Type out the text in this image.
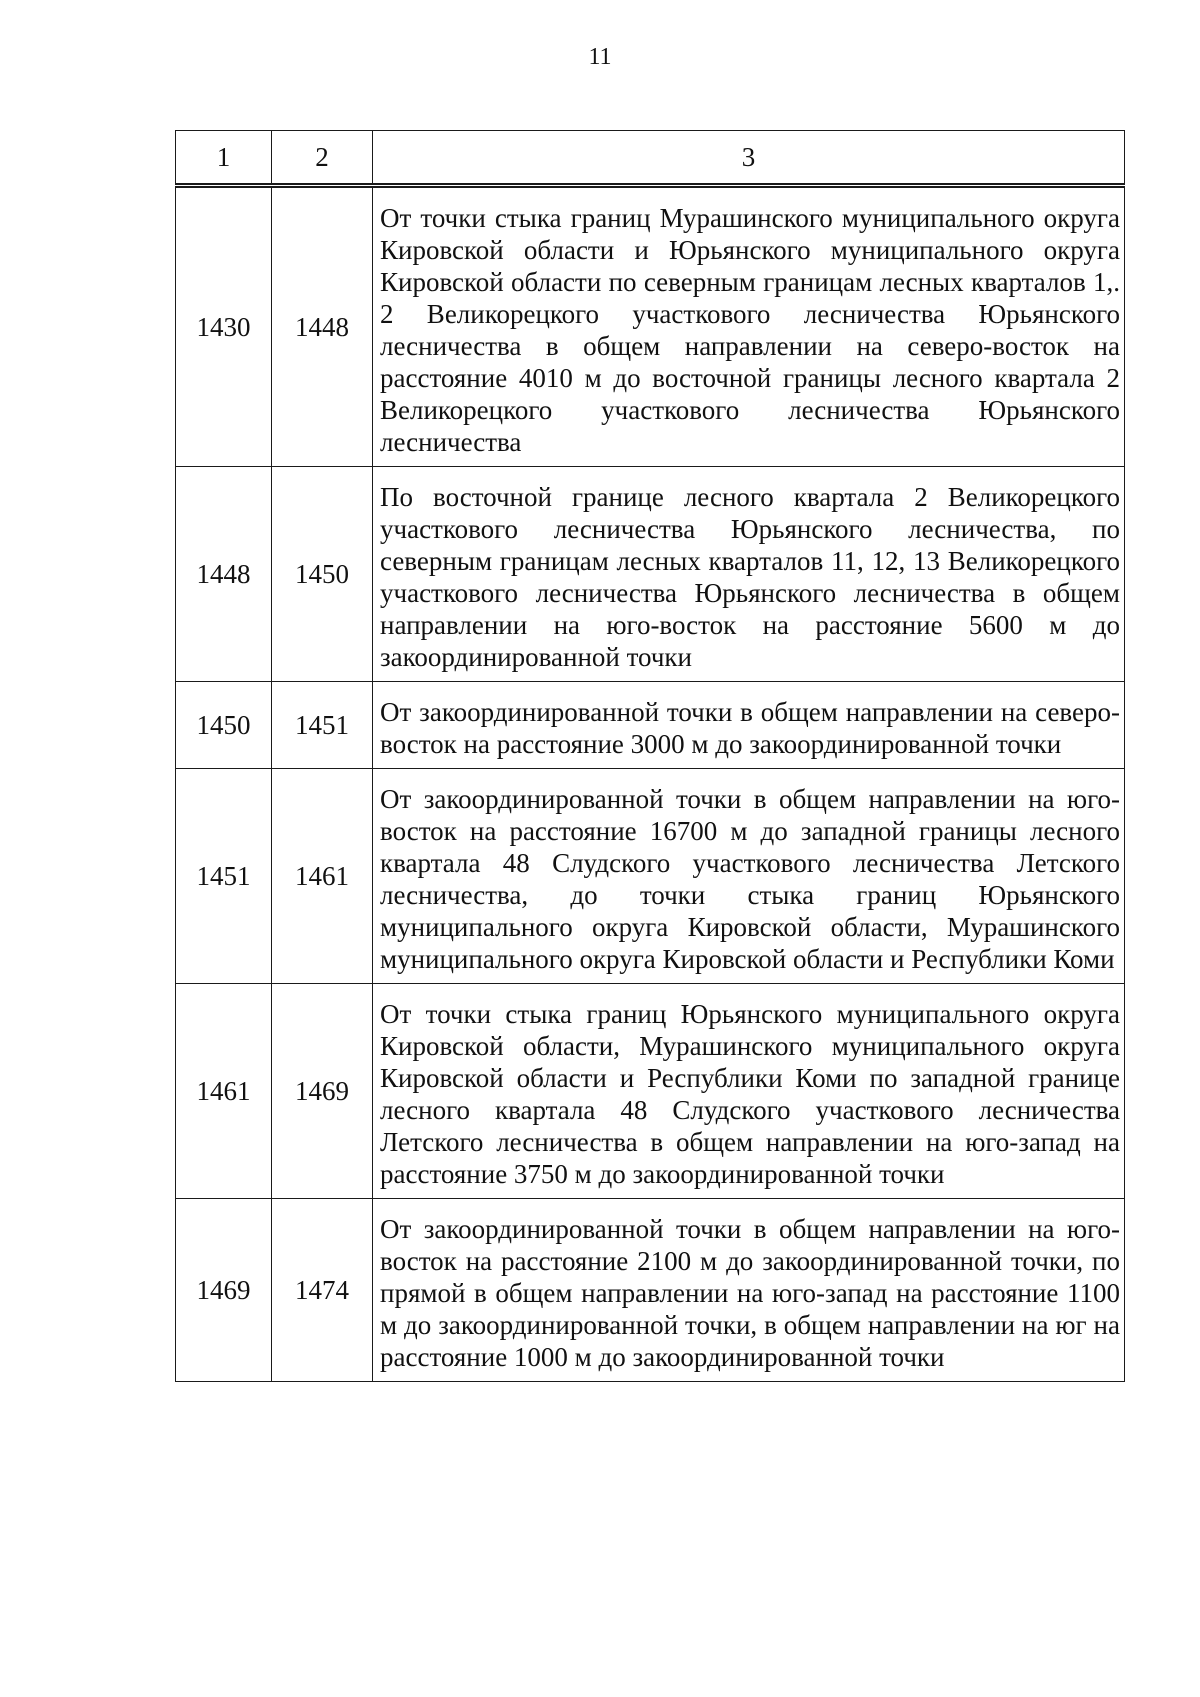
11
1	2	3
1430	1448	От точки стыка границ Мурашинского муниципального округа Кировской области и Юрьянского муниципального округа Кировской области по северным границам лесных кварталов 1,. 2 Великорецкого участкового лесничества Юрьянского лесничества в общем направлении на северо-восток на расстояние 4010 м до восточной границы лесного квартала 2 Великорецкого участкового лесничества Юрьянского лесничества
1448	1450	По восточной границе лесного квартала 2 Великорецкого участкового лесничества Юрьянского лесничества, по северным границам лесных кварталов 11, 12, 13 Великорецкого участкового лесничества Юрьянского лесничества в общем направлении на юго-восток на расстояние 5600 м до закоординированной точки
1450	1451	От закоординированной точки в общем направлении на северо-восток на расстояние 3000 м до закоординированной точки
1451	1461	От закоординированной точки в общем направлении на юго-восток на расстояние 16700 м до западной границы лесного квартала 48 Слудского участкового лесничества Летского лесничества, до точки стыка границ Юрьянского муниципального округа Кировской области, Мурашинского муниципального округа Кировской области и Республики Коми
1461	1469	От точки стыка границ Юрьянского муниципального округа Кировской области, Мурашинского муниципального округа Кировской области и Республики Коми по западной границе лесного квартала 48 Слудского участкового лесничества Летского лесничества в общем направлении на юго-запад на расстояние 3750 м до закоординированной точки
1469	1474	От закоординированной точки в общем направлении на юго-восток на расстояние 2100 м до закоординированной точки, по прямой в общем направлении на юго-запад на расстояние 1100 м до закоординированной точки, в общем направлении на юг на расстояние 1000 м до закоординированной точки
